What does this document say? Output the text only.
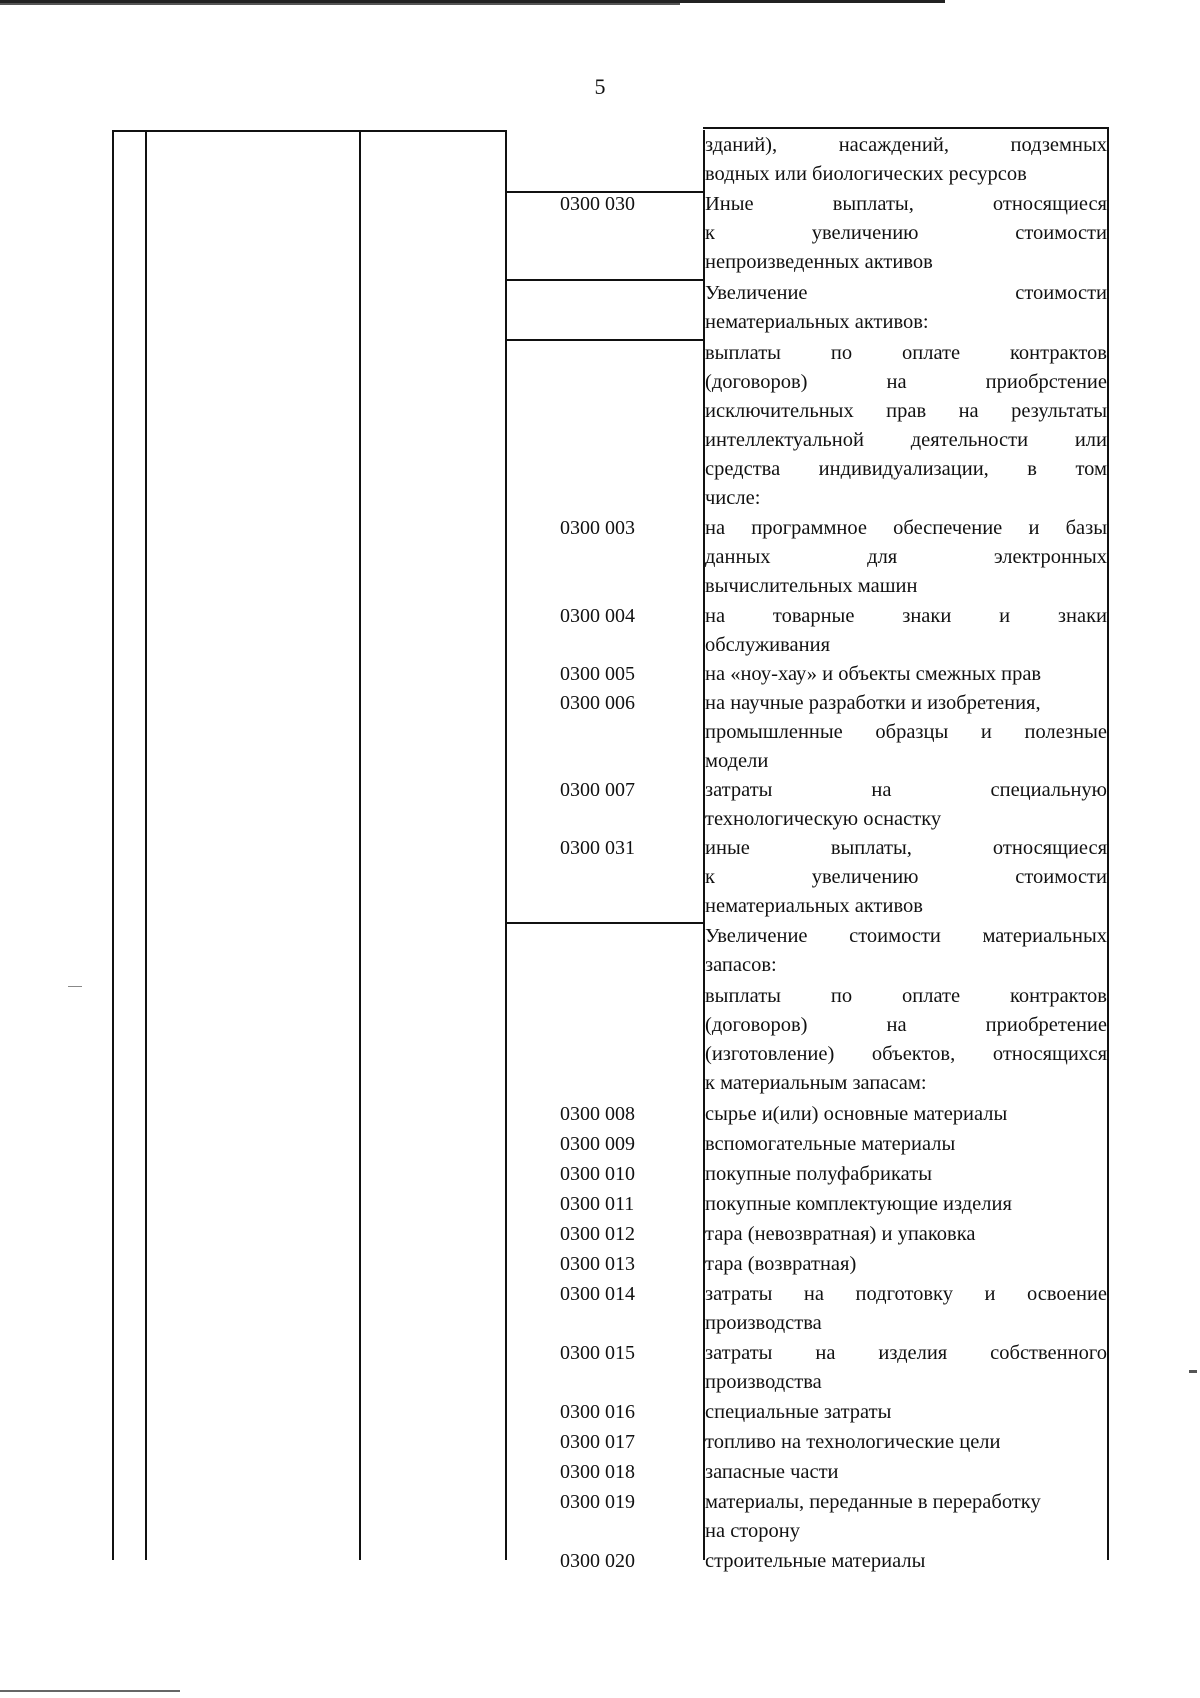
5
0300 030
0300 003
0300 004
0300 005
0300 006
0300 007
0300 031
0300 008
0300 009
0300 010
0300 011
0300 012
0300 013
0300 014
0300 015
0300 016
0300 017
0300 018
0300 019
0300 020
зданий), насаждений, подземных
водных или биологических ресурсов
Иные выплаты, относящиеся
к увеличению стоимости
непроизведенных активов
Увеличение стоимости
нематериальных активов:
выплаты по оплате контрактов
(договоров) на приобрстение
исключительных прав на результаты
интеллектуальной деятельности или
средства индивидуализации, в том
числе:
на программное обеспечение и базы
данных для электронных
вычислительных машин
на товарные знаки и знаки
обслуживания
на «ноу-хау» и объекты смежных прав
на научные разработки и изобретения,
промышленные образцы и полезные
модели
затраты на специальную
технологическую оснастку
иные выплаты, относящиеся
к увеличению стоимости
нематериальных активов
Увеличение стоимости материальных
запасов:
выплаты по оплате контрактов
(договоров) на приобретение
(изготовление) объектов, относящихся
к материальным запасам:
сырье и(или) основные материалы
вспомогательные материалы
покупные полуфабрикаты
покупные комплектующие изделия
тара (невозвратная) и упаковка
тара (возвратная)
затраты на подготовку и освоение
производства
затраты на изделия собственного
производства
специальные затраты
топливо на технологические цели
запасные части
материалы, переданные в переработку
на сторону
строительные материалы
